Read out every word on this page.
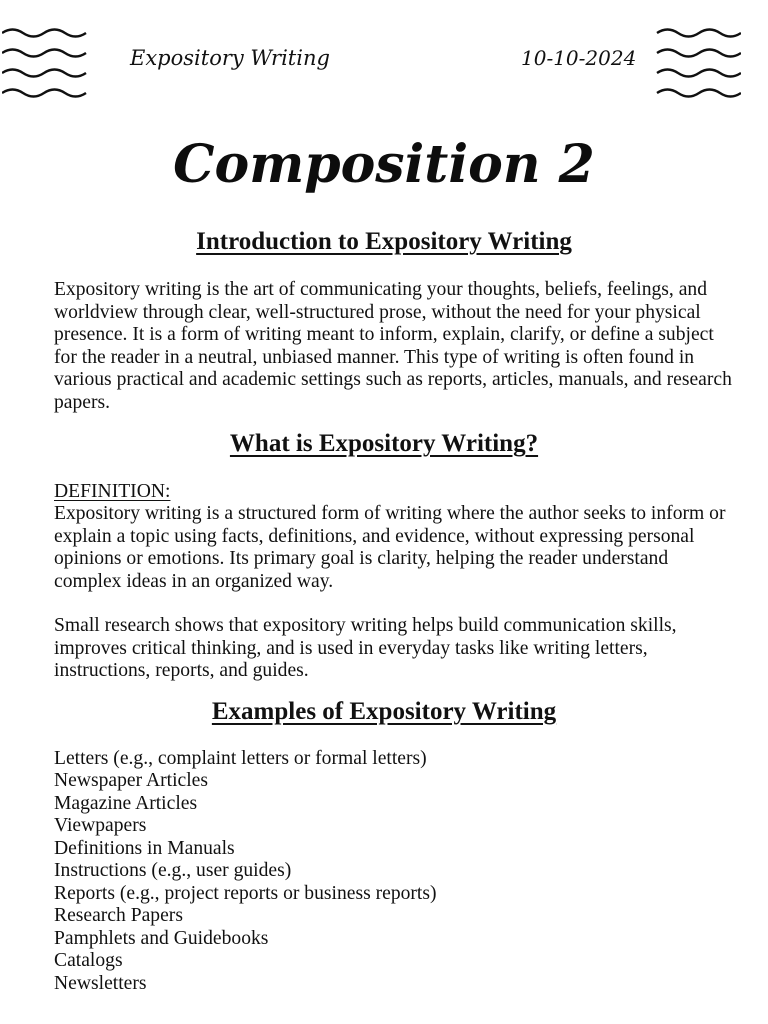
Expository Writing	10-10-2024
Composition 2
Introduction to Expository Writing

Expository writing is the art of communicating your thoughts, beliefs, feelings, and worldview through clear, well-structured prose, without the need for your physical presence. It is a form of writing meant to inform, explain, clarify, or define a subject for the reader in a neutral, unbiased manner. This type of writing is often found in various practical and academic settings such as reports, articles, manuals, and research papers.

What is Expository Writing?

DEFINITION:

Expository writing is a structured form of writing where the author seeks to inform or explain a topic using facts, definitions, and evidence, without expressing personal opinions or emotions. Its primary goal is clarity, helping the reader understand complex ideas in an organized way.

Small research shows that expository writing helps build communication skills, improves critical thinking, and is used in everyday tasks like writing letters, instructions, reports, and guides.

Examples of Expository Writing
Letters (e.g., complaint letters or formal letters)
Newspaper Articles
Magazine Articles
Viewpapers
Definitions in Manuals
Instructions (e.g., user guides)
Reports (e.g., project reports or business reports)
Research Papers
Pamphlets and Guidebooks
Catalogs
Newsletters
